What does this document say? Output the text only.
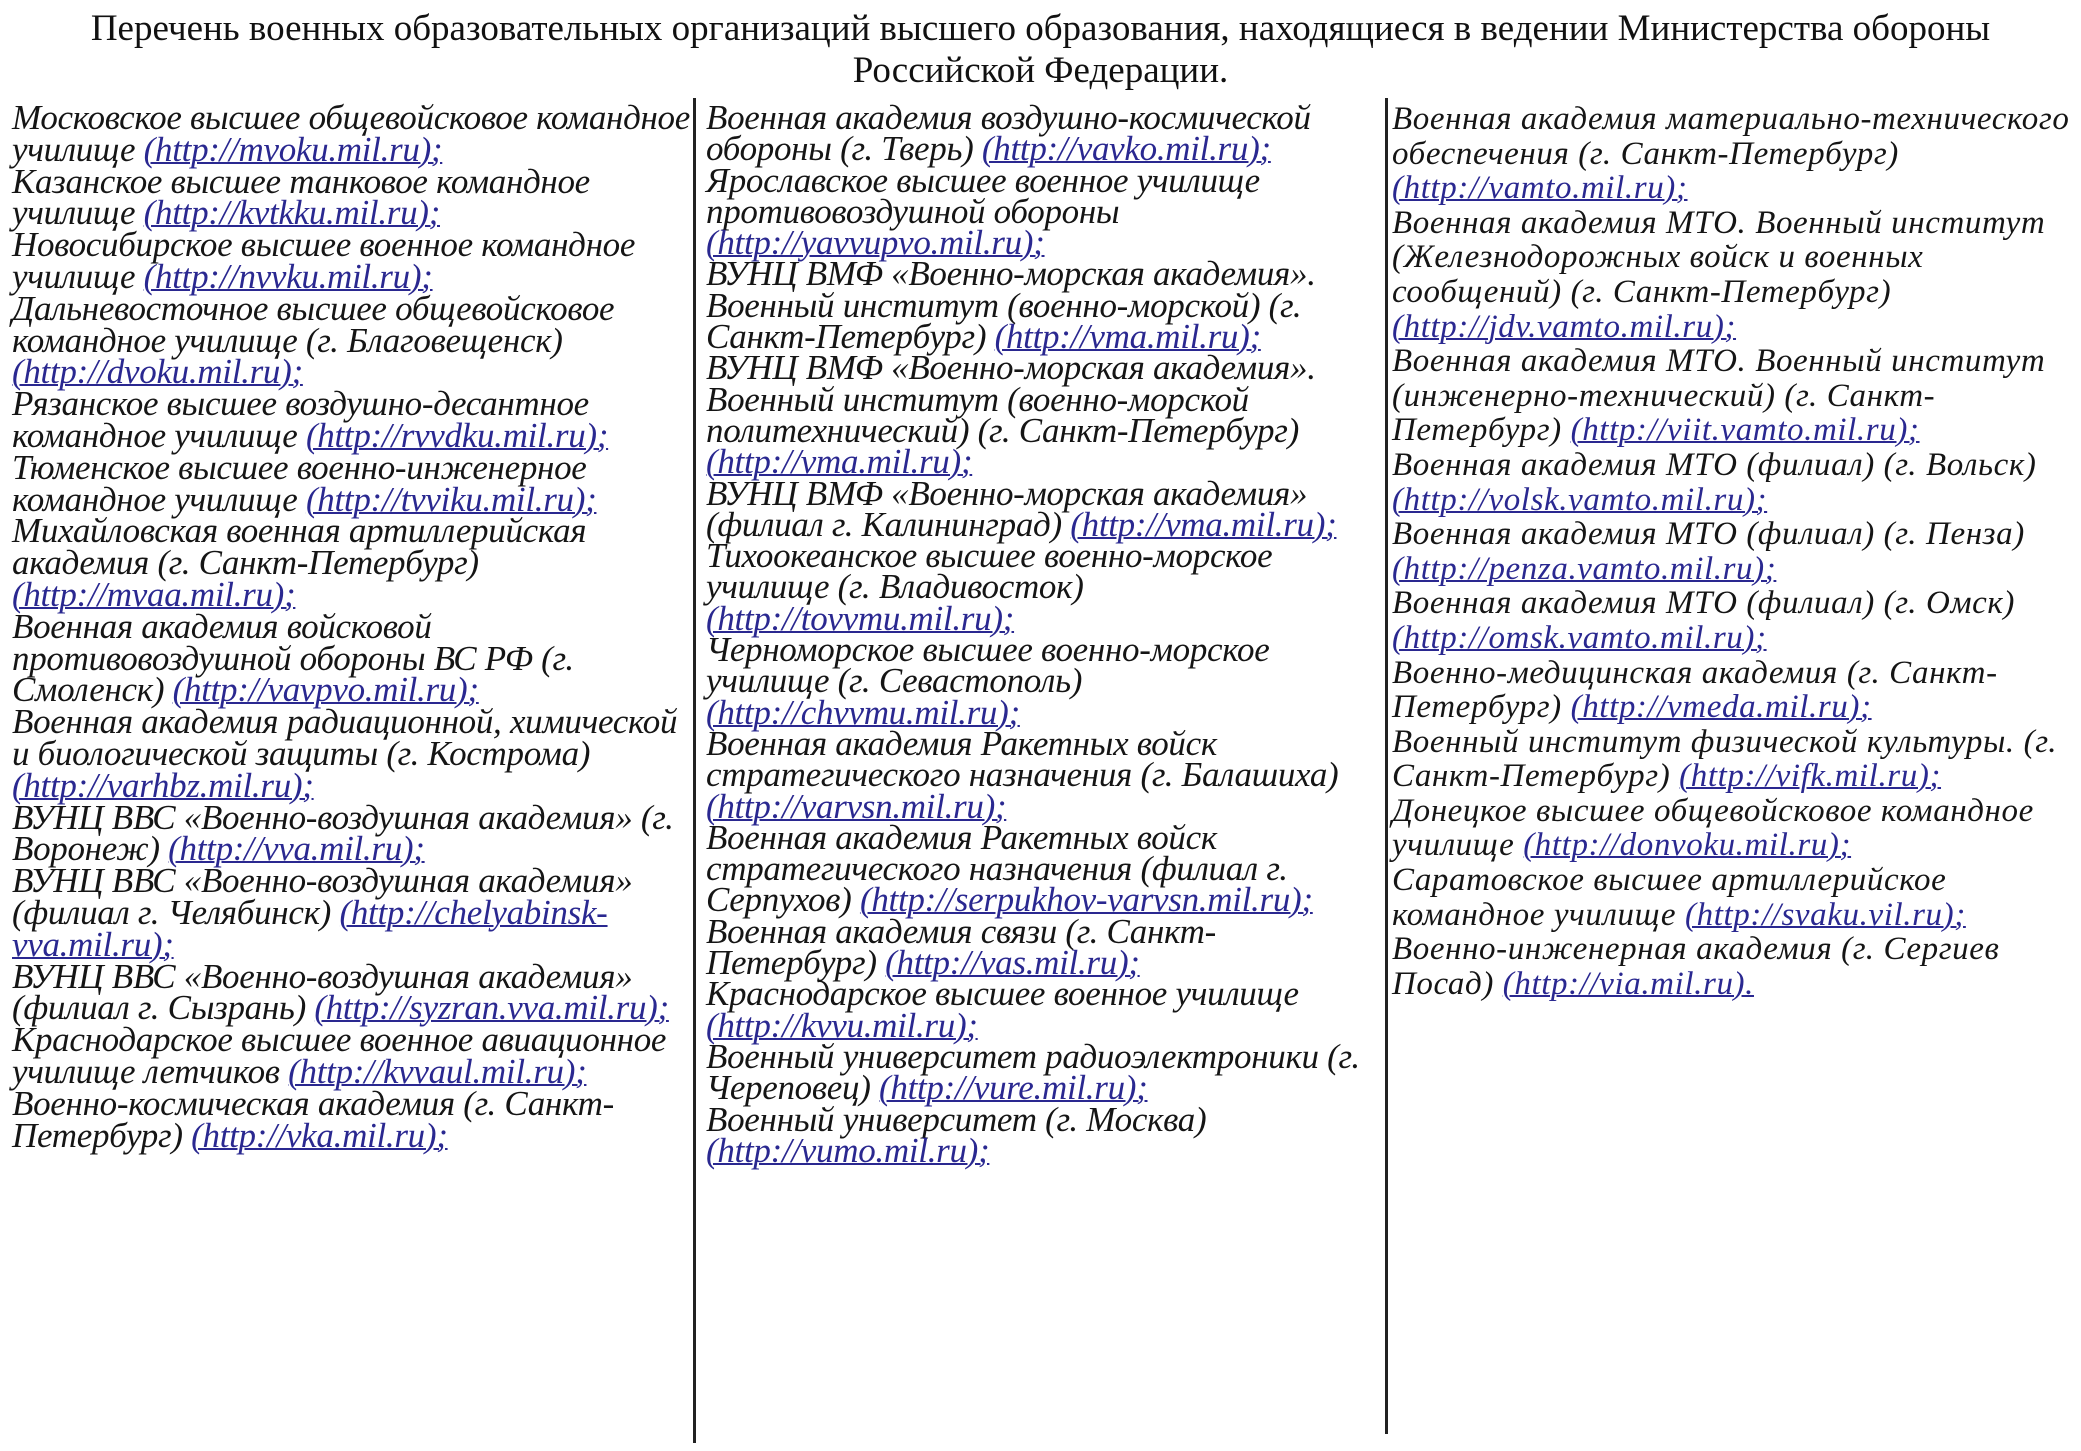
Перечень военных образовательных организаций высшего образования, находящиеся в ведении Министерства обороны Российской Федерации.
Московское высшее общевойсковое командное училище (http://mvoku.mil.ru);
Казанское высшее танковое командное училище (http://kvtkku.mil.ru);
Новосибирское высшее военное командное училище (http://nvvku.mil.ru);
Дальневосточное высшее общевойсковое командное училище (г. Благовещенск) (http://dvoku.mil.ru);
Рязанское высшее воздушно-десантное командное училище (http://rvvdku.mil.ru);
Тюменское высшее военно-инженерное командное училище (http://tvviku.mil.ru);
Михайловская военная артиллерийская академия (г. Санкт-Петербург) (http://mvaa.mil.ru);
Военная академия войсковой противовоздушной обороны ВС РФ (г. Смоленск) (http://vavpvo.mil.ru);
Военная академия радиационной, химической и биологической защиты (г. Кострома) (http://varhbz.mil.ru);
ВУНЦ ВВС «Военно-воздушная академия» (г. Воронеж) (http://vva.mil.ru);
ВУНЦ ВВС «Военно-воздушная академия» (филиал г. Челябинск) (http://chelyabinsk-vva.mil.ru);
ВУНЦ ВВС «Военно-воздушная академия» (филиал г. Сызрань) (http://syzran.vva.mil.ru);
Краснодарское высшее военное авиационное училище летчиков (http://kvvaul.mil.ru);
Военно-космическая академия (г. Санкт-Петербург) (http://vka.mil.ru);
Военная академия воздушно-космической обороны (г. Тверь) (http://vavko.mil.ru);
Ярославское высшее военное училище противовоздушной обороны (http://yavvupvo.mil.ru);
ВУНЦ ВМФ «Военно-морская академия». Военный институт (военно-морской) (г. Санкт-Петербург) (http://vma.mil.ru);
ВУНЦ ВМФ «Военно-морская академия». Военный институт (военно-морской политехнический) (г. Санкт-Петербург) (http://vma.mil.ru);
ВУНЦ ВМФ «Военно-морская академия» (филиал г. Калининград) (http://vma.mil.ru);
Тихоокеанское высшее военно-морское училище (г. Владивосток) (http://tovvmu.mil.ru);
Черноморское высшее военно-морское училище (г. Севастополь) (http://chvvmu.mil.ru);
Военная академия Ракетных войск стратегического назначения (г. Балашиха) (http://varvsn.mil.ru);
Военная академия Ракетных войск стратегического назначения (филиал г. Серпухов) (http://serpukhov-varvsn.mil.ru);
Военная академия связи (г. Санкт-Петербург) (http://vas.mil.ru);
Краснодарское высшее военное училище (http://kvvu.mil.ru);
Военный университет радиоэлектроники (г. Череповец) (http://vure.mil.ru);
Военный университет (г. Москва) (http://vumo.mil.ru);
Военная академия материально-технического обеспечения (г. Санкт-Петербург) (http://vamto.mil.ru);
Военная академия МТО. Военный институт (Железнодорожных войск и военных сообщений) (г. Санкт-Петербург) (http://jdv.vamto.mil.ru);
Военная академия МТО. Военный институт (инженерно-технический) (г. Санкт-Петербург) (http://viit.vamto.mil.ru);
Военная академия МТО (филиал) (г. Вольск) (http://volsk.vamto.mil.ru);
Военная академия МТО (филиал) (г. Пенза) (http://penza.vamto.mil.ru);
Военная академия МТО (филиал) (г. Омск) (http://omsk.vamto.mil.ru);
Военно-медицинская академия (г. Санкт-Петербург) (http://vmeda.mil.ru);
Военный институт физической культуры. (г. Санкт-Петербург) (http://vifk.mil.ru);
Донецкое высшее общевойсковое командное училище (http://donvoku.mil.ru);
Саратовское высшее артиллерийское командное училище (http://svaku.vil.ru);
Военно-инженерная академия (г. Сергиев Посад) (http://via.mil.ru).
